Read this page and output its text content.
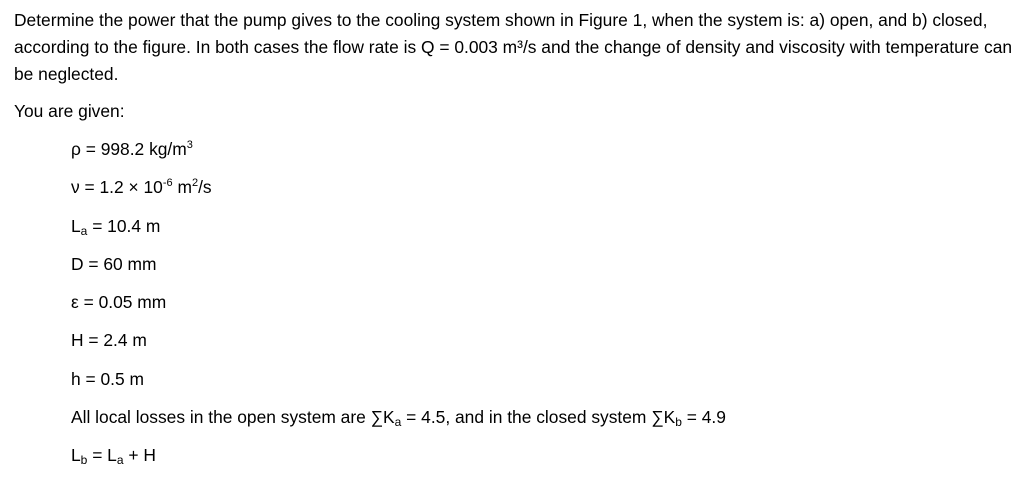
Determine the power that the pump gives to the cooling system shown in Figure 1, when the system is: a) open, and b) closed, according to the figure. In both cases the flow rate is Q = 0.003 m³/s and the change of density and viscosity with temperature can be neglected.

You are given:

ρ = 998.2 $kg/m^3$
$\nu = 1.2 \times 10^{-6}$ $m^2/s$
$L_a = 10.4$ m
D = 60 mm
ε = 0.05 mm
H = 2.4 m
h = 0.5 m
All local losses in the open system are $\sum K_a = 4.5$, and in the closed system $\sum K_b = 4.9$
$L_b = L_a + H$
